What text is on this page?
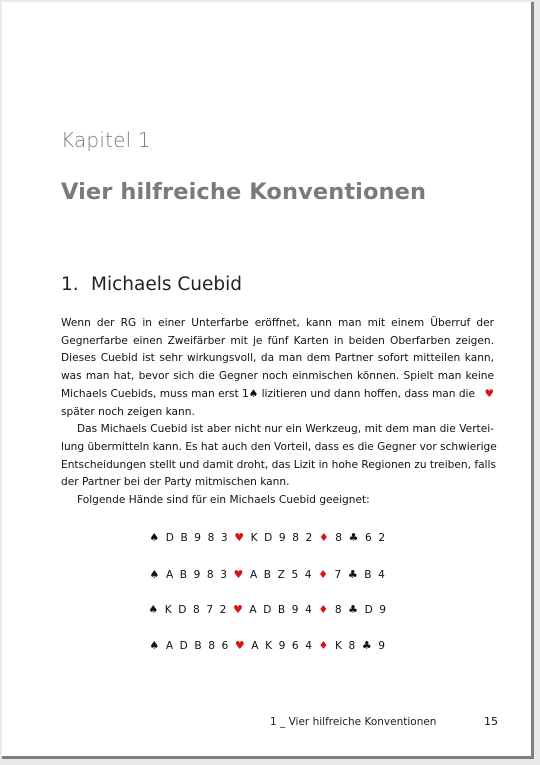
Kapitel 1
Vier hilfreiche Konventionen
1. Michaels Cuebid

Wenn der RG in einer Unterfarbe eröffnet, kann man mit einem Überruf der

Gegnerfarbe einen Zweifärber mit je fünf Karten in beiden Oberfarben zeigen.

Dieses Cuebid ist sehr wirkungsvoll, da man dem Partner sofort mitteilen kann,

was man hat, bevor sich die Gegner noch einmischen können. Spielt man keine

Michaels Cuebids, muss man erst 1♠ lizitieren und dann hoffen, dass man die ♥

später noch zeigen kann.

Das Michaels Cuebid ist aber nicht nur ein Werkzeug, mit dem man die Vertei-

lung übermitteln kann. Es hat auch den Vorteil, dass es die Gegner vor schwierige

Entscheidungen stellt und damit droht, das Lizit in hohe Regionen zu treiben, falls

der Partner bei der Party mitmischen kann.

Folgende Hände sind für ein Michaels Cuebid geeignet:

♠ D B 9 8 3 ♥ K D 9 8 2 ♦ 8 ♣ 6 2
♠ A B 9 8 3 ♥ A B Z 5 4 ♦ 7 ♣ B 4
♠ K D 8 7 2 ♥ A D B 9 4 ♦ 8 ♣ D 9
♠ A D B 8 6 ♥ A K 9 6 4 ♦ K 8 ♣ 9
1 _ Vier hilfreiche Konventionen	15
